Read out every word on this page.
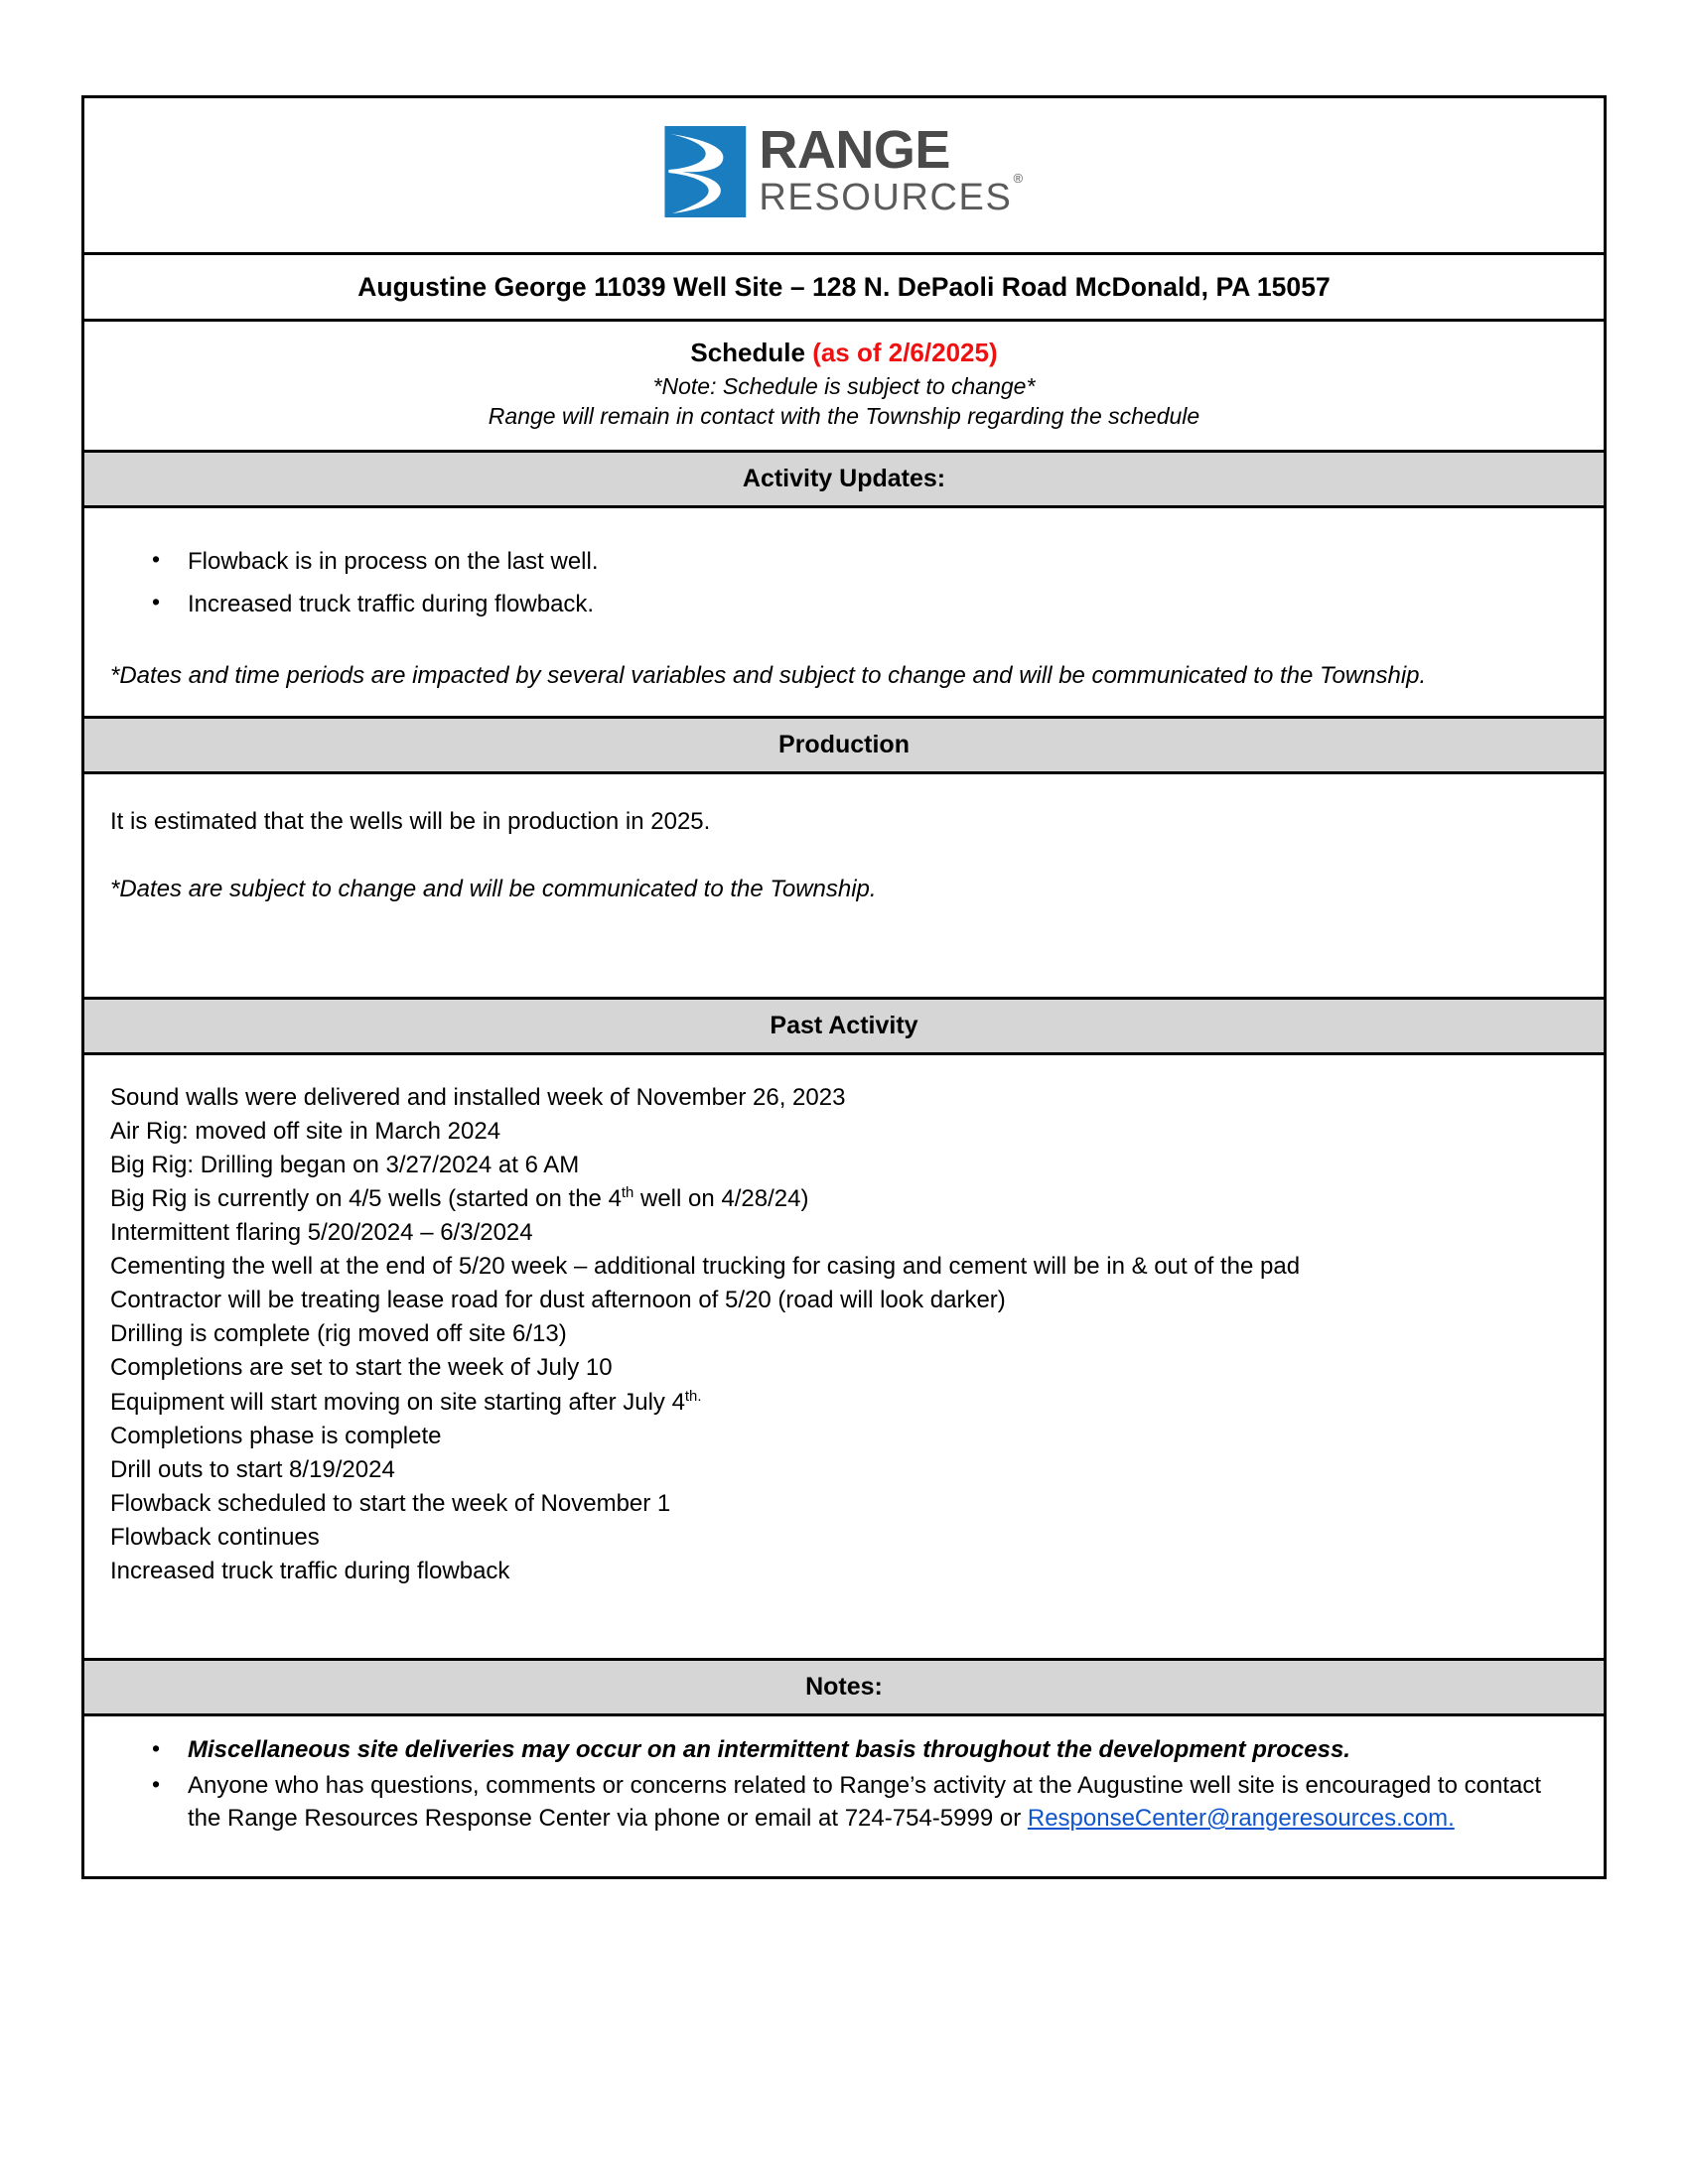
RANGE
RESOURCES®
Augustine George 11039 Well Site – 128 N. DePaoli Road McDonald, PA 15057
Schedule (as of 2/6/2025)
*Note: Schedule is subject to change*
Range will remain in contact with the Township regarding the schedule
Activity Updates:
• Flowback is in process on the last well.
• Increased truck traffic during flowback.
*Dates and time periods are impacted by several variables and subject to change and will be communicated to the Township.
Production
It is estimated that the wells will be in production in 2025.
*Dates are subject to change and will be communicated to the Township.
Past Activity
Sound walls were delivered and installed week of November 26, 2023
Air Rig: moved off site in March 2024
Big Rig: Drilling began on 3/27/2024 at 6 AM
Big Rig is currently on 4/5 wells (started on the 4th well on 4/28/24)
Intermittent flaring 5/20/2024 – 6/3/2024
Cementing the well at the end of 5/20 week – additional trucking for casing and cement will be in & out of the pad
Contractor will be treating lease road for dust afternoon of 5/20 (road will look darker)
Drilling is complete (rig moved off site 6/13)
Completions are set to start the week of July 10
Equipment will start moving on site starting after July $4^{th.}$
Completions phase is complete
Drill outs to start 8/19/2024
Flowback scheduled to start the week of November 1
Flowback continues
Increased truck traffic during flowback
Notes:
• Miscellaneous site deliveries may occur on an intermittent basis throughout the development process.
• Anyone who has questions, comments or concerns related to Range’s activity at the Augustine well site is encouraged to contact the Range Resources Response Center via phone or email at 724-754-5999 or ResponseCenter@rangeresources.com.
